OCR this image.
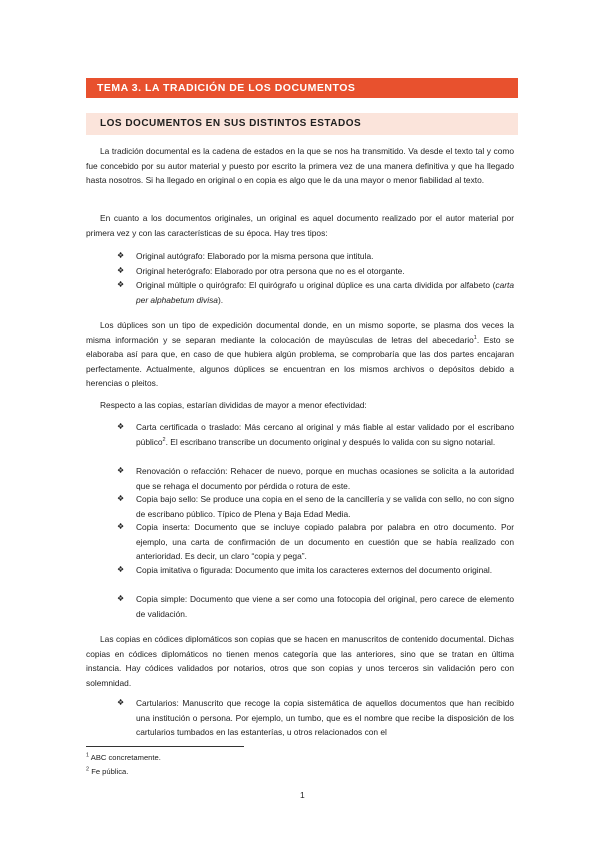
TEMA 3. LA TRADICIÓN DE LOS DOCUMENTOS
LOS DOCUMENTOS EN SUS DISTINTOS ESTADOS

La tradición documental es la cadena de estados en la que se nos ha transmitido. Va desde el texto tal y como fue concebido por su autor material y puesto por escrito la primera vez de una manera definitiva y que ha llegado hasta nosotros. Si ha llegado en original o en copia es algo que le da una mayor o menor fiabilidad al texto.

En cuanto a los documentos originales, un original es aquel documento realizado por el autor material por primera vez y con las características de su época. Hay tres tipos:

❖ Original autógrafo: Elaborado por la misma persona que intitula.

❖ Original heterógrafo: Elaborado por otra persona que no es el otorgante.

❖ Original múltiple o quirógrafo: El quirógrafo u original dúplice es una carta dividida por alfabeto (carta per alphabetum divisa).

Los dúplices son un tipo de expedición documental donde, en un mismo soporte, se plasma dos veces la misma información y se separan mediante la colocación de mayúsculas de letras del abecedario$^1$. Esto se elaboraba así para que, en caso de que hubiera algún problema, se comprobaría que las dos partes encajaran perfectamente. Actualmente, algunos dúplices se encuentran en los mismos archivos o depósitos debido a herencias o pleitos.

Respecto a las copias, estarían divididas de mayor a menor efectividad:

❖ Carta certificada o traslado: Más cercano al original y más fiable al estar validado por el escribano público$^2$. El escribano transcribe un documento original y después lo valida con su signo notarial.

❖ Renovación o refacción: Rehacer de nuevo, porque en muchas ocasiones se solicita a la autoridad que se rehaga el documento por pérdida o rotura de este.

❖ Copia bajo sello: Se produce una copia en el seno de la cancillería y se valida con sello, no con signo de escribano público. Típico de Plena y Baja Edad Media.

❖ Copia inserta: Documento que se incluye copiado palabra por palabra en otro documento. Por ejemplo, una carta de confirmación de un documento en cuestión que se había realizado con anterioridad. Es decir, un claro “copia y pega”.

❖ Copia imitativa o figurada: Documento que imita los caracteres externos del documento original.

❖ Copia simple: Documento que viene a ser como una fotocopia del original, pero carece de elemento de validación.

Las copias en códices diplomáticos son copias que se hacen en manuscritos de contenido documental. Dichas copias en códices diplomáticos no tienen menos categoría que las anteriores, sino que se tratan en última instancia. Hay códices validados por notarios, otros que son copias y unos terceros sin validación pero con solemnidad.

❖ Cartularios: Manuscrito que recoge la copia sistemática de aquellos documentos que han recibido una institución o persona. Por ejemplo, un tumbo, que es el nombre que recibe la disposición de los cartularios tumbados en las estanterías, u otros relacionados con el

$^1$ ABC concretamente.
$^2$ Fe pública.
1
